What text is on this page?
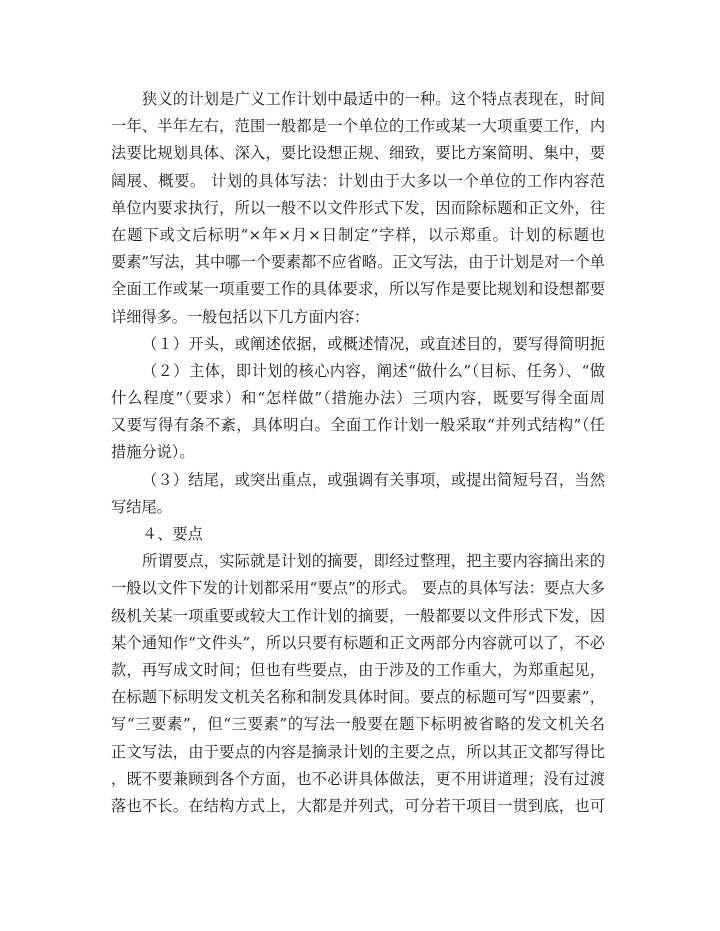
狭义的计划是广义工作计划中最适中的一种。这个特点表现在，时间
一年、半年左右，范围一般都是一个单位的工作或某一大项重要工作，内
法要比规划具体、深入，要比设想正规、细致，要比方案简明、集中，要
阔展、概要。 计划的具体写法：计划由于大多以一个单位的工作内容范
单位内要求执行，所以一般不以文件形式下发，因而除标题和正文外，往
在题下或文后标明“×年×月×日制定”字样，以示郑重。计划的标题也
要素”写法，其中哪一个要素都不应省略。正文写法，由于计划是对一个单
全面工作或某一项重要工作的具体要求，所以写作是要比规划和设想都要
详细得多。一般包括以下几方面内容：
（１）开头，或阐述依据，或概述情况，或直述目的，要写得简明扼
（２）主体，即计划的核心内容，阐述“做什么”（目标、任务）、“做
什么程度”（要求）和“怎样做”（措施办法）三项内容，既要写得全面周
又要写得有条不紊，具体明白。全面工作计划一般采取“并列式结构”（任
措施分说）。
（３）结尾，或突出重点，或强调有关事项，或提出简短号召，当然
写结尾。
４、要点
所谓要点，实际就是计划的摘要，即经过整理，把主要内容摘出来的
一般以文件下发的计划都采用“要点”的形式。 要点的具体写法：要点大多
级机关某一项重要或较大工作计划的摘要，一般都要以文件形式下发，因
某个通知作“文件头”，所以只要有标题和正文两部分内容就可以了，不必
款，再写成文时间；但也有些要点，由于涉及的工作重大，为郑重起见，
在标题下标明发文机关名称和制发具体时间。要点的标题可写“四要素”，
写“三要素”，但“三要素”的写法一般要在题下标明被省略的发文机关名
正文写法，由于要点的内容是摘录计划的主要之点，所以其正文都写得比
，既不要兼顾到各个方面，也不必讲具体做法，更不用讲道理；没有过渡
落也不长。在结构方式上，大都是并列式，可分若干项目一贯到底，也可
